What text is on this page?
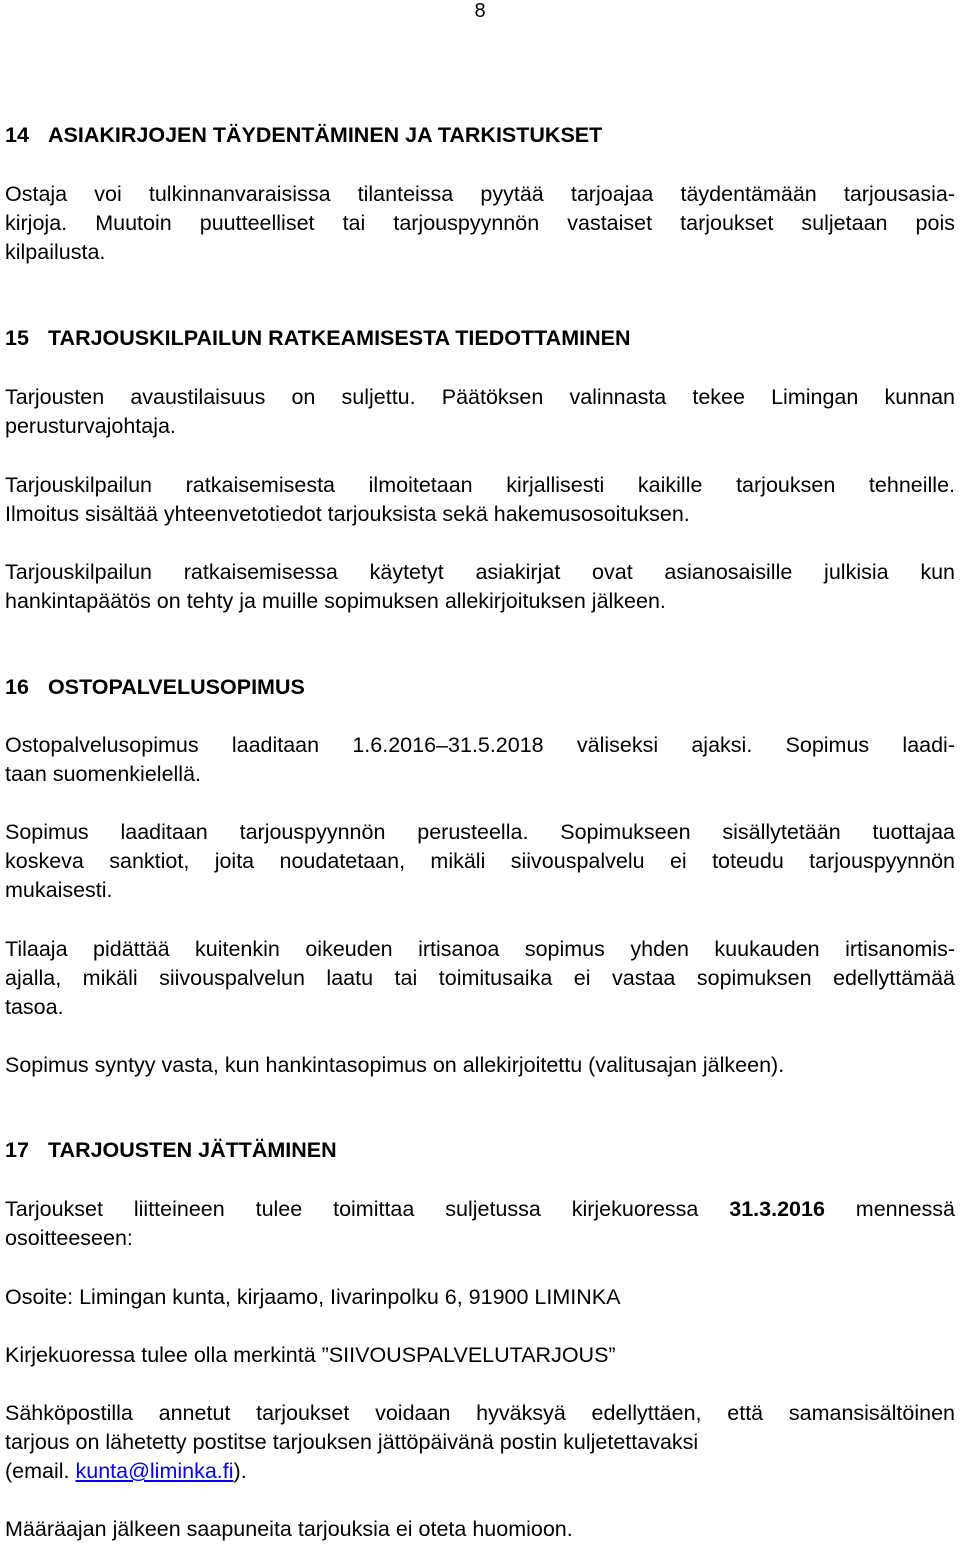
8
14 ASIAKIRJOJEN TÄYDENTÄMINEN JA TARKISTUKSET
Ostaja voi tulkinnanvaraisissa tilanteissa pyytää tarjoajaa täydentämään tarjousasia-
kirjoja. Muutoin puutteelliset tai tarjouspyynnön vastaiset tarjoukset suljetaan pois
kilpailusta.
15 TARJOUSKILPAILUN RATKEAMISESTA TIEDOTTAMINEN
Tarjousten avaustilaisuus on suljettu. Päätöksen valinnasta tekee Limingan kunnan
perusturvajohtaja.
Tarjouskilpailun ratkaisemisesta ilmoitetaan kirjallisesti kaikille tarjouksen tehneille.
Ilmoitus sisältää yhteenvetotiedot tarjouksista sekä hakemusosoituksen.
Tarjouskilpailun ratkaisemisessa käytetyt asiakirjat ovat asianosaisille julkisia kun
hankintapäätös on tehty ja muille sopimuksen allekirjoituksen jälkeen.
16 OSTOPALVELUSOPIMUS
Ostopalvelusopimus laaditaan 1.6.2016–31.5.2018 väliseksi ajaksi. Sopimus laadi-
taan suomenkielellä.
Sopimus laaditaan tarjouspyynnön perusteella. Sopimukseen sisällytetään tuottajaa
koskeva sanktiot, joita noudatetaan, mikäli siivouspalvelu ei toteudu tarjouspyynnön
mukaisesti.
Tilaaja pidättää kuitenkin oikeuden irtisanoa sopimus yhden kuukauden irtisanomis-
ajalla, mikäli siivouspalvelun laatu tai toimitusaika ei vastaa sopimuksen edellyttämää
tasoa.
Sopimus syntyy vasta, kun hankintasopimus on allekirjoitettu (valitusajan jälkeen).
17 TARJOUSTEN JÄTTÄMINEN
Tarjoukset liitteineen tulee toimittaa suljetussa kirjekuoressa 31.3.2016 mennessä
osoitteeseen:
Osoite: Limingan kunta, kirjaamo, Iivarinpolku 6, 91900 LIMINKA
Kirjekuoressa tulee olla merkintä ”SIIVOUSPALVELUTARJOUS”
Sähköpostilla annetut tarjoukset voidaan hyväksyä edellyttäen, että samansisältöinen
tarjous on lähetetty postitse tarjouksen jättöpäivänä postin kuljetettavaksi
(email. kunta@liminka.fi).
Määräajan jälkeen saapuneita tarjouksia ei oteta huomioon.
